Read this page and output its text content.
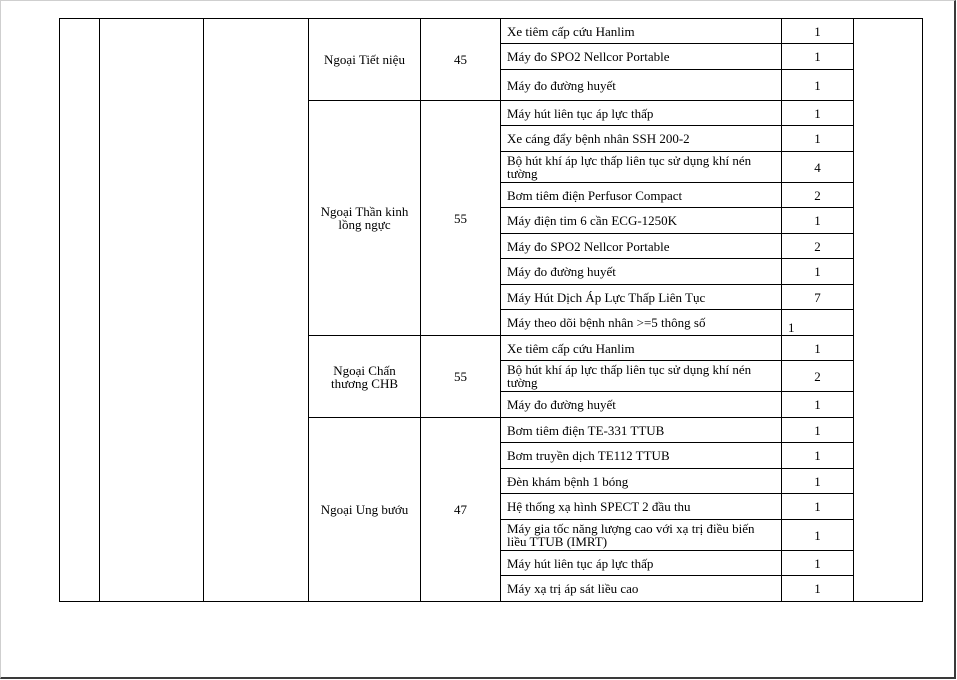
			Ngoại Tiết niệu	45	Xe tiêm cấp cứu Hanlim	1	
					Máy đo SPO2 Nellcor Portable	1	
					Máy đo đường huyết	1	
			Ngoại Thần kinh lồng ngực	55	Máy hút liên tục áp lực thấp	1	
					Xe cáng đẩy bệnh nhân SSH 200-2	1	
					Bộ hút khí áp lực thấp liên tục sử dụng khí nén tường	4	
					Bơm tiêm điện Perfusor Compact	2	
					Máy điện tim 6 cần ECG-1250K	1	
					Máy đo SPO2 Nellcor Portable	2	
					Máy đo đường huyết	1	
					Máy Hút Dịch Áp Lực Thấp Liên Tục	7	
					Máy theo dõi bệnh nhân >=5 thông số	1	
			Ngoại Chấn thương CHB	55	Xe tiêm cấp cứu Hanlim	1	
					Bộ hút khí áp lực thấp liên tục sử dụng khí nén tường	2	
					Máy đo đường huyết	1	
			Ngoại Ung bướu	47	Bơm tiêm điện TE-331 TTUB	1	
					Bơm truyền dịch TE112 TTUB	1	
					Đèn khám bệnh 1 bóng	1	
					Hệ thống xạ hình SPECT 2 đầu thu	1	
					Máy gia tốc năng lượng cao với xạ trị điều biến liều TTUB (IMRT)	1	
					Máy hút liên tục áp lực thấp	1	
					Máy xạ trị áp sát liều cao	1	
